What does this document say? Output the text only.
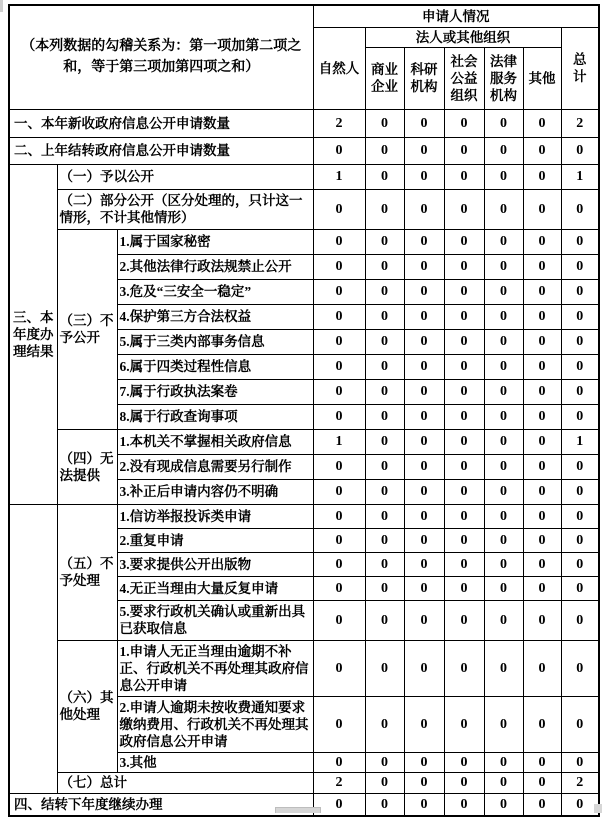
（本列数据的勾稽关系为：第一项加第二项之和，等于第三项加第四项之和）			申请人情况						
			自然人	法人或其他组织					总计
				商业企业	科研机构	社会公益组织	法律服务机构	其他	
一、本年新收政府信息公开申请数量			2	0	0	0	0	0	2
二、上年结转政府信息公开申请数量			0	0	0	0	0	0	0
三、本年度办理结果	（一）予以公开		1	0	0	0	0	0	1
	（二）部分公开（区分处理的，只计这一情形，不计其他情形）		0	0	0	0	0	0	0
	（三）不予公开	1.属于国家秘密	0	0	0	0	0	0	0
		2.其他法律行政法规禁止公开	0	0	0	0	0	0	0
		3.危及“三安全一稳定”	0	0	0	0	0	0	0
		4.保护第三方合法权益	0	0	0	0	0	0	0
		5.属于三类内部事务信息	0	0	0	0	0	0	0
		6.属于四类过程性信息	0	0	0	0	0	0	0
		7.属于行政执法案卷	0	0	0	0	0	0	0
		8.属于行政查询事项	0	0	0	0	0	0	0
	（四）无法提供	1.本机关不掌握相关政府信息	1	0	0	0	0	0	1
		2.没有现成信息需要另行制作	0	0	0	0	0	0	0
		3.补正后申请内容仍不明确	0	0	0	0	0	0	0
	（五）不予处理	1.信访举报投诉类申请	0	0	0	0	0	0	0
		2.重复申请	0	0	0	0	0	0	0
		3.要求提供公开出版物	0	0	0	0	0	0	0
		4.无正当理由大量反复申请	0	0	0	0	0	0	0
		5.要求行政机关确认或重新出具已获取信息	0	0	0	0	0	0	0
	（六）其他处理	1.申请人无正当理由逾期不补正、行政机关不再处理其政府信息公开申请	0	0	0	0	0	0	0
		2.申请人逾期未按收费通知要求缴纳费用、行政机关不再处理其政府信息公开申请	0	0	0	0	0	0	0
		3.其他	0	0	0	0	0	0	0
	（七）总计		2	0	0	0	0	0	2
四、结转下年度继续办理			0	0	0	0	0	0	0
